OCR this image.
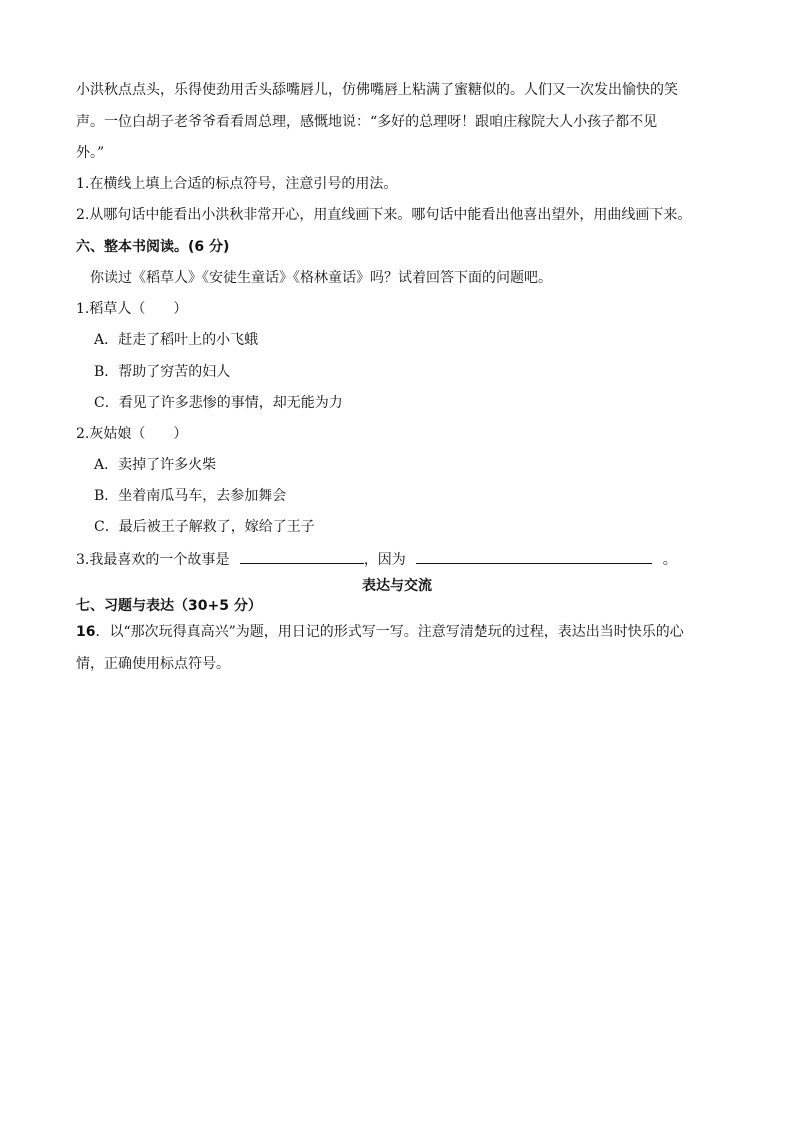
小洪秋点点头，乐得使劲用舌头舔嘴唇儿，仿佛嘴唇上粘满了蜜糖似的。人们又一次发出愉快的笑
声。一位白胡子老爷爷看看周总理，感慨地说：“多好的总理呀！跟咱庄稼院大人小孩子都不见
外。”
1.在横线上填上合适的标点符号，注意引号的用法。
2.从哪句话中能看出小洪秋非常开心，用直线画下来。哪句话中能看出他喜出望外，用曲线画下来。
六、整本书阅读。(6 分)
你读过《稻草人》《安徒生童话》《格林童话》吗？试着回答下面的问题吧。
1.稻草人（　　）
A．赶走了稻叶上的小飞蛾
B．帮助了穷苦的妇人
C．看见了许多悲惨的事情，却无能为力
2.灰姑娘（　　）
A．卖掉了许多火柴
B．坐着南瓜马车，去参加舞会
C．最后被王子解救了，嫁给了王子
3.我最喜欢的一个故事是	，因为	。
表达与交流
七、习题与表达（30+5 分）
16．以“那次玩得真高兴”为题，用日记的形式写一写。注意写清楚玩的过程，表达出当时快乐的心
情，正确使用标点符号。
